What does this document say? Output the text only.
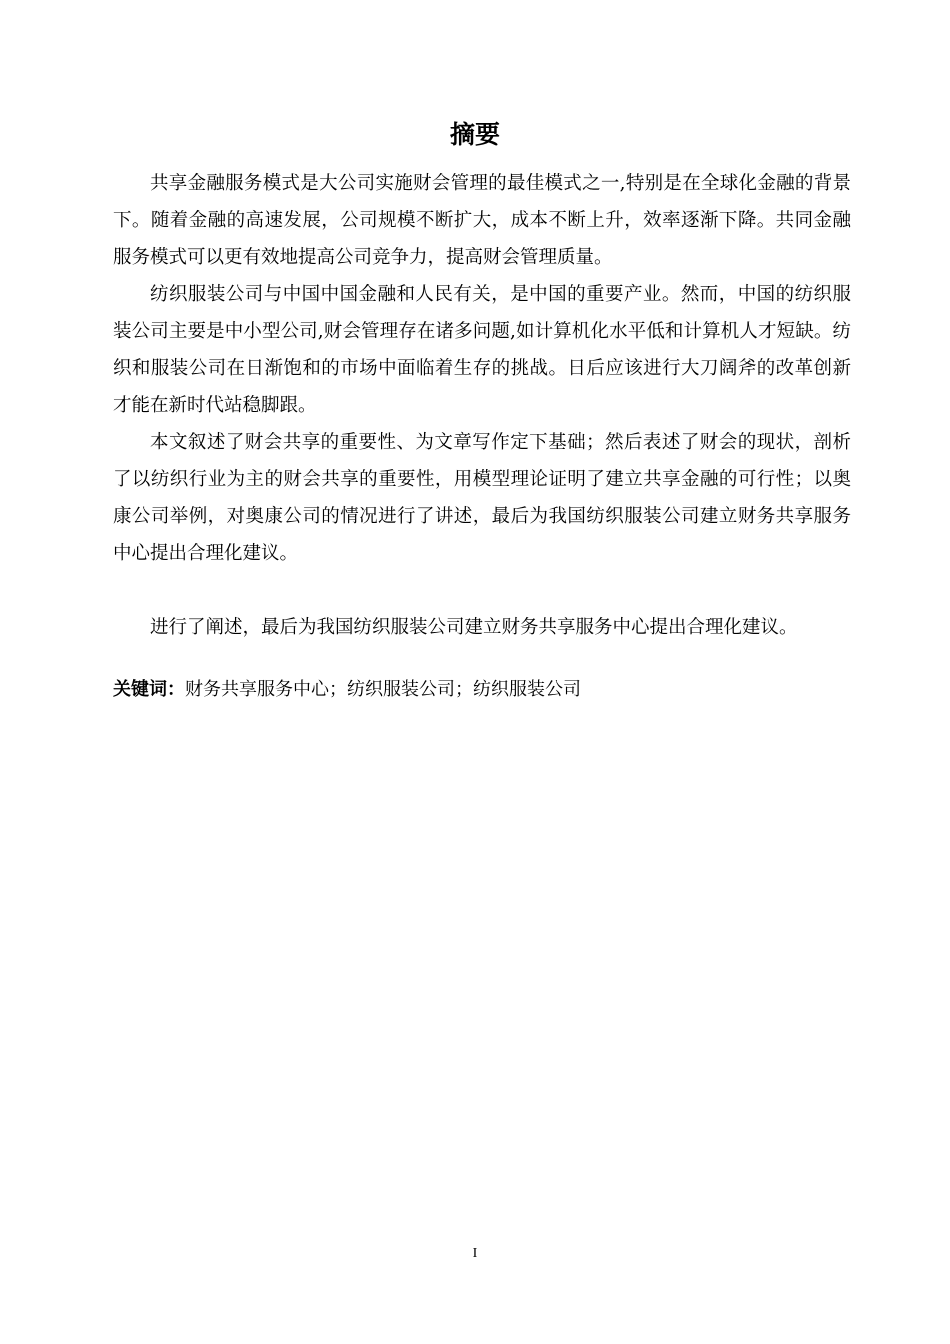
摘要

共享金融服务模式是大公司实施财会管理的最佳模式之一,特别是在全球化金融的背景下。随着金融的高速发展，公司规模不断扩大，成本不断上升，效率逐渐下降。共同金融服务模式可以更有效地提高公司竞争力，提高财会管理质量。

纺织服装公司与中国中国金融和人民有关，是中国的重要产业。然而，中国的纺织服装公司主要是中小型公司,财会管理存在诸多问题,如计算机化水平低和计算机人才短缺。纺织和服装公司在日渐饱和的市场中面临着生存的挑战。日后应该进行大刀阔斧的改革创新才能在新时代站稳脚跟。

本文叙述了财会共享的重要性、为文章写作定下基础；然后表述了财会的现状，剖析了以纺织行业为主的财会共享的重要性，用模型理论证明了建立共享金融的可行性；以奥康公司举例，对奥康公司的情况进行了讲述，最后为我国纺织服装公司建立财务共享服务中心提出合理化建议。

进行了阐述，最后为我国纺织服装公司建立财务共享服务中心提出合理化建议。

关键词：财务共享服务中心；纺织服装公司；纺织服装公司

I
